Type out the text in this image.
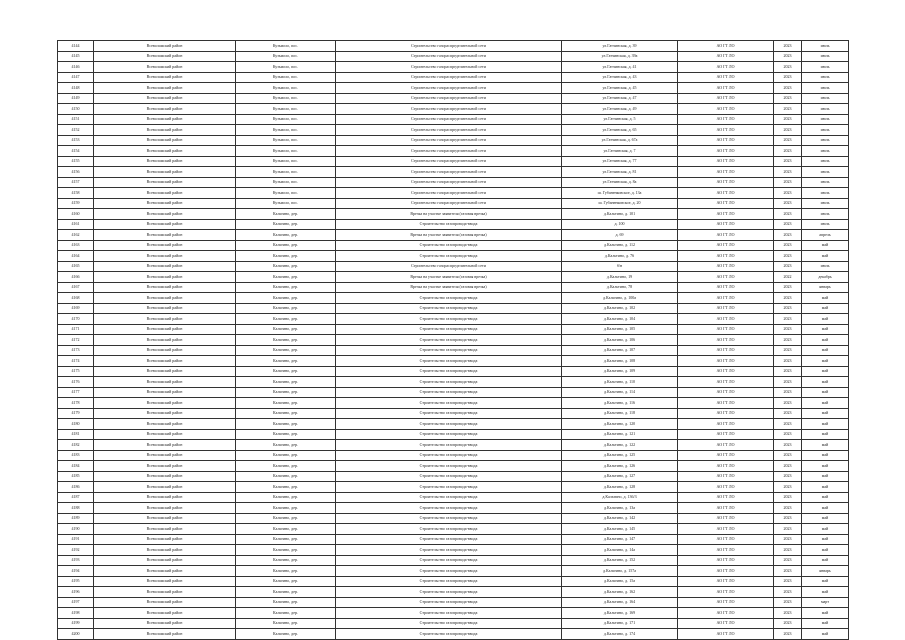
4144	Всеволожский район	Кузьмоло, пос.	Строительство газораспределительной сети	ул.Гатчинская, д. 39	АО ГТ ЛО	2023	июль
4145	Всеволожский район	Кузьмоло, пос.	Строительство газораспределительной сети	ул.Гатчинская, д. 39а	АО ГТ ЛО	2023	июль
4146	Всеволожский район	Кузьмоло, пос.	Строительство газораспределительной сети	ул.Гатчинская, д. 41	АО ГТ ЛО	2023	июль
4147	Всеволожский район	Кузьмоло, пос.	Строительство газораспределительной сети	ул.Гатчинская, д. 43	АО ГТ ЛО	2023	июль
4148	Всеволожский район	Кузьмоло, пос.	Строительство газораспределительной сети	ул.Гатчинская, д. 45	АО ГТ ЛО	2023	июль
4149	Всеволожский район	Кузьмоло, пос.	Строительство газораспределительной сети	ул.Гатчинская, д. 47	АО ГТ ЛО	2023	июль
4150	Всеволожский район	Кузьмоло, пос.	Строительство газораспределительной сети	ул.Гатчинская, д. 49	АО ГТ ЛО	2023	июль
4151	Всеволожский район	Кузьмоло, пос.	Строительство газораспределительной сети	ул.Гатчинская, д. 5	АО ГТ ЛО	2023	июль
4152	Всеволожский район	Кузьмоло, пос.	Строительство газораспределительной сети	ул.Гатчинская, д. 65	АО ГТ ЛО	2023	июль
4153	Всеволожский район	Кузьмоло, пос.	Строительство газораспределительной сети	ул.Гатчинская, д. 67а	АО ГТ ЛО	2023	июль
4154	Всеволожский район	Кузьмоло, пос.	Строительство газораспределительной сети	ул.Гатчинская, д. 7	АО ГТ ЛО	2023	июль
4155	Всеволожский район	Кузьмоло, пос.	Строительство газораспределительной сети	ул.Гатчинская, д. 77	АО ГТ ЛО	2023	июль
4156	Всеволожский район	Кузьмоло, пос.	Строительство газораспределительной сети	ул.Гатчинская, д. 81	АО ГТ ЛО	2023	июль
4157	Всеволожский район	Кузьмоло, пос.	Строительство газораспределительной сети	ул.Гатчинская, д. 8а	АО ГТ ЛО	2023	июль
4158	Всеволожский район	Кузьмоло, пос.	Строительство газораспределительной сети	ш. Губаненковское, д. 13а	АО ГТ ЛО	2023	июль
4159	Всеволожский район	Кузьмоло, пос.	Строительство газораспределительной сети	ш. Губаненковское, д. 20	АО ГТ ЛО	2023	июль
4160	Всеволожский район	Кальтино, дер.	Врезка на участке заявителя (газовая врезка)	д.Кальтино, д. 101	АО ГТ ЛО	2023	июль
4161	Всеволожский район	Кальтино, дер.	Строительство газопровода-ввода	д. 100	АО ГТ ЛО	2023	июль
4162	Всеволожский район	Кальтино, дер.	Врезка на участке заявителя (газовая врезка)	д. 69	АО ГТ ЛО	2023	апрель
4163	Всеволожский район	Кальтино, дер.	Строительство газопровода-ввода	д.Кальтино, д. 112	АО ГТ ЛО	2023	май
4164	Всеволожский район	Кальтино, дер.	Строительство газопровода-ввода	д.Кальтино, д. 76	АО ГТ ЛО	2023	май
4165	Всеволожский район	Кальтино, дер.	Строительство газораспределительной сети	б/н	АО ГТ ЛО	2023	июль
4166	Всеволожский район	Кальтино, дер.	Врезка на участке заявителя (газовая врезка)	д.Кальтино, 19	АО ГТ ЛО	2022	декабрь
4167	Всеволожский район	Кальтино, дер.	Врезка на участке заявителя (газовая врезка)	д.Кальтино, 78	АО ГТ ЛО	2023	январь
4168	Всеволожский район	Кальтино, дер.	Строительство газопровода-ввода	д.Кальтино, д. 100а	АО ГТ ЛО	2023	май
4169	Всеволожский район	Кальтино, дер.	Строительство газопровода-ввода	д.Кальтино, д. 102	АО ГТ ЛО	2023	май
4170	Всеволожский район	Кальтино, дер.	Строительство газопровода-ввода	д.Кальтино, д. 104	АО ГТ ЛО	2023	май
4171	Всеволожский район	Кальтино, дер.	Строительство газопровода-ввода	д.Кальтино, д. 105	АО ГТ ЛО	2023	май
4172	Всеволожский район	Кальтино, дер.	Строительство газопровода-ввода	д.Кальтино, д. 106	АО ГТ ЛО	2023	май
4173	Всеволожский район	Кальтино, дер.	Строительство газопровода-ввода	д.Кальтино, д. 107	АО ГТ ЛО	2023	май
4174	Всеволожский район	Кальтино, дер.	Строительство газопровода-ввода	д.Кальтино, д. 108	АО ГТ ЛО	2023	май
4175	Всеволожский район	Кальтино, дер.	Строительство газопровода-ввода	д.Кальтино, д. 109	АО ГТ ЛО	2023	май
4176	Всеволожский район	Кальтино, дер.	Строительство газопровода-ввода	д.Кальтино, д. 110	АО ГТ ЛО	2023	май
4177	Всеволожский район	Кальтино, дер.	Строительство газопровода-ввода	д.Кальтино, д. 114	АО ГТ ЛО	2023	май
4178	Всеволожский район	Кальтино, дер.	Строительство газопровода-ввода	д.Кальтино, д. 116	АО ГТ ЛО	2023	май
4179	Всеволожский район	Кальтино, дер.	Строительство газопровода-ввода	д.Кальтино, д. 118	АО ГТ ЛО	2023	май
4180	Всеволожский район	Кальтино, дер.	Строительство газопровода-ввода	д.Кальтино, д. 120	АО ГТ ЛО	2023	май
4181	Всеволожский район	Кальтино, дер.	Строительство газопровода-ввода	д.Кальтино, д. 121	АО ГТ ЛО	2023	май
4182	Всеволожский район	Кальтино, дер.	Строительство газопровода-ввода	д.Кальтино, д. 122	АО ГТ ЛО	2023	май
4183	Всеволожский район	Кальтино, дер.	Строительство газопровода-ввода	д.Кальтино, д. 125	АО ГТ ЛО	2023	май
4184	Всеволожский район	Кальтино, дер.	Строительство газопровода-ввода	д.Кальтино, д. 126	АО ГТ ЛО	2023	май
4185	Всеволожский район	Кальтино, дер.	Строительство газопровода-ввода	д.Кальтино, д. 127	АО ГТ ЛО	2023	май
4186	Всеволожский район	Кальтино, дер.	Строительство газопровода-ввода	д.Кальтино, д. 128	АО ГТ ЛО	2023	май
4187	Всеволожский район	Кальтино, дер.	Строительство газопровода-ввода	д.Кальтино, д. 136/3	АО ГТ ЛО	2023	май
4188	Всеволожский район	Кальтино, дер.	Строительство газопровода-ввода	д.Кальтино, д. 13а	АО ГТ ЛО	2023	май
4189	Всеволожский район	Кальтино, дер.	Строительство газопровода-ввода	д.Кальтино, д. 142	АО ГТ ЛО	2023	май
4190	Всеволожский район	Кальтино, дер.	Строительство газопровода-ввода	д.Кальтино, д. 145	АО ГТ ЛО	2023	май
4191	Всеволожский район	Кальтино, дер.	Строительство газопровода-ввода	д.Кальтино, д. 147	АО ГТ ЛО	2023	май
4192	Всеволожский район	Кальтино, дер.	Строительство газопровода-ввода	д.Кальтино, д. 14а	АО ГТ ЛО	2023	май
4193	Всеволожский район	Кальтино, дер.	Строительство газопровода-ввода	д.Кальтино, д. 152	АО ГТ ЛО	2023	май
4194	Всеволожский район	Кальтино, дер.	Строительство газопровода-ввода	д.Кальтино, д. 157а	АО ГТ ЛО	2023	январь
4195	Всеволожский район	Кальтино, дер.	Строительство газопровода-ввода	д.Кальтино, д. 15а	АО ГТ ЛО	2023	май
4196	Всеволожский район	Кальтино, дер.	Строительство газопровода-ввода	д.Кальтино, д. 162	АО ГТ ЛО	2023	май
4197	Всеволожский район	Кальтино, дер.	Строительство газопровода-ввода	д.Кальтино, д. 164	АО ГТ ЛО	2023	март
4198	Всеволожский район	Кальтино, дер.	Строительство газопровода-ввода	д.Кальтино, д. 169	АО ГТ ЛО	2023	май
4199	Всеволожский район	Кальтино, дер.	Строительство газопровода-ввода	д.Кальтино, д. 171	АО ГТ ЛО	2023	май
4200	Всеволожский район	Кальтино, дер.	Строительство газопровода-ввода	д.Кальтино, д. 174	АО ГТ ЛО	2023	май
